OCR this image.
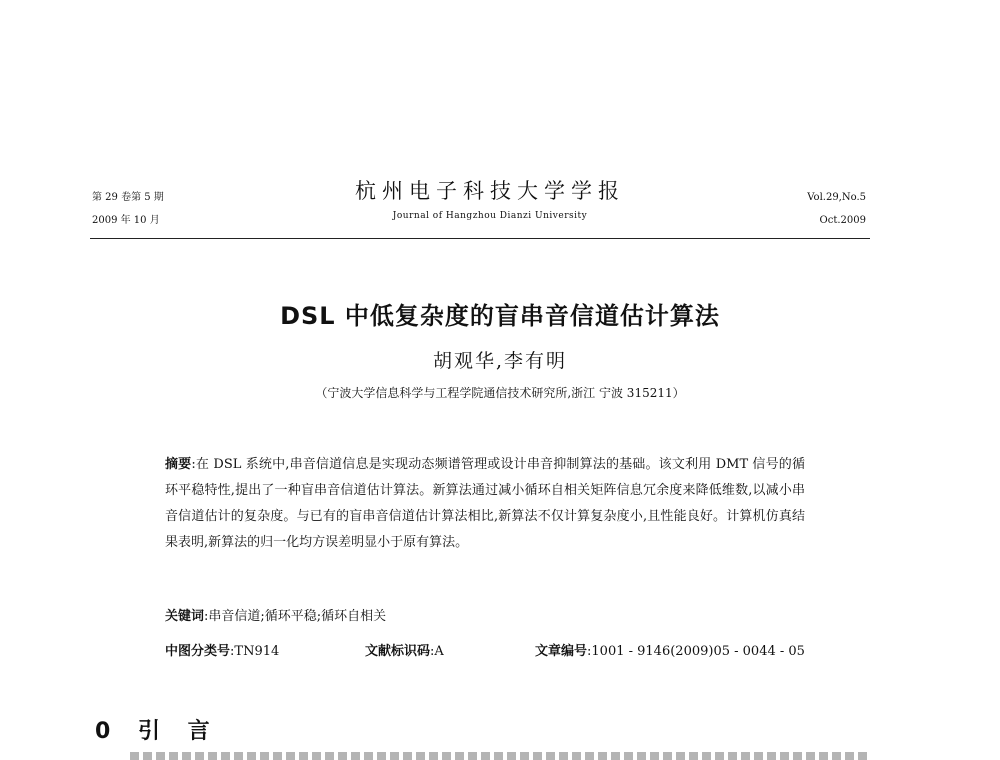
第 29 卷第 5 期
2009 年 10 月
杭州电子科技大学学报
Journal of Hangzhou Dianzi University
Vol.29,No.5
Oct.2009
DSL 中低复杂度的盲串音信道估计算法
胡观华,李有明
（宁波大学信息科学与工程学院通信技术研究所,浙江 宁波 315211）
摘要:在 DSL 系统中,串音信道信息是实现动态频谱管理或设计串音抑制算法的基础。该文利用 DMT 信号的循环平稳特性,提出了一种盲串音信道估计算法。新算法通过减小循环自相关矩阵信息冗余度来降低维数,以减小串音信道估计的复杂度。与已有的盲串音信道估计算法相比,新算法不仅计算复杂度小,且性能良好。计算机仿真结果表明,新算法的归一化均方误差明显小于原有算法。
关键词:串音信道;循环平稳;循环自相关
中图分类号:TN914	文献标识码:A	文章编号:1001 - 9146(2009)05 - 0044 - 05
0 引 言
